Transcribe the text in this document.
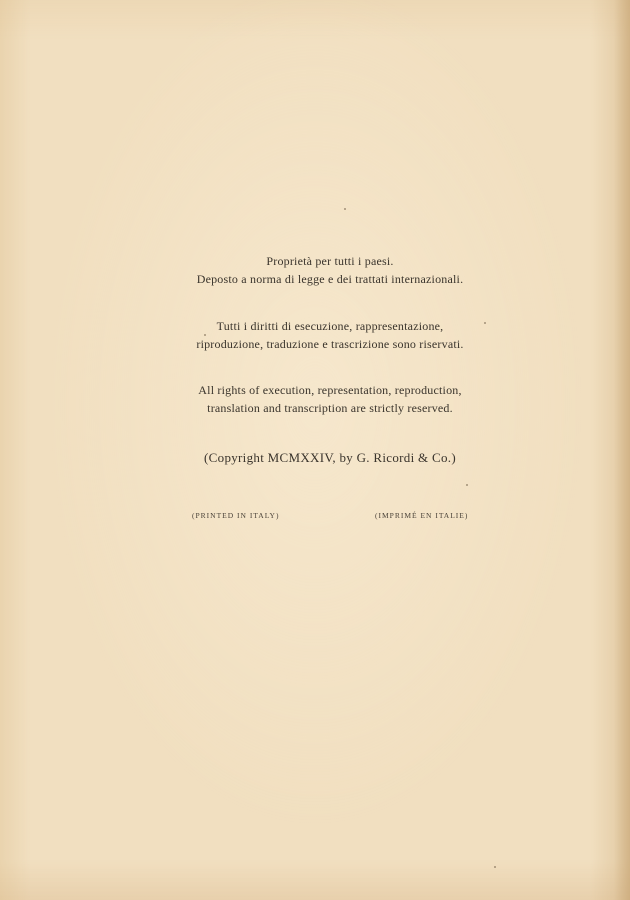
Proprietà per tutti i paesi.

Deposto a norma di legge e dei trattati internazionali.

Tutti i diritti di esecuzione, rappresentazione,

riproduzione, traduzione e trascrizione sono riservati.

All rights of execution, representation, reproduction,

translation and transcription are strictly reserved.

(Copyright MCMXXIV, by G. Ricordi & Co.)

(PRINTED IN ITALY)	(IMPRIMÉ EN ITALIE)
